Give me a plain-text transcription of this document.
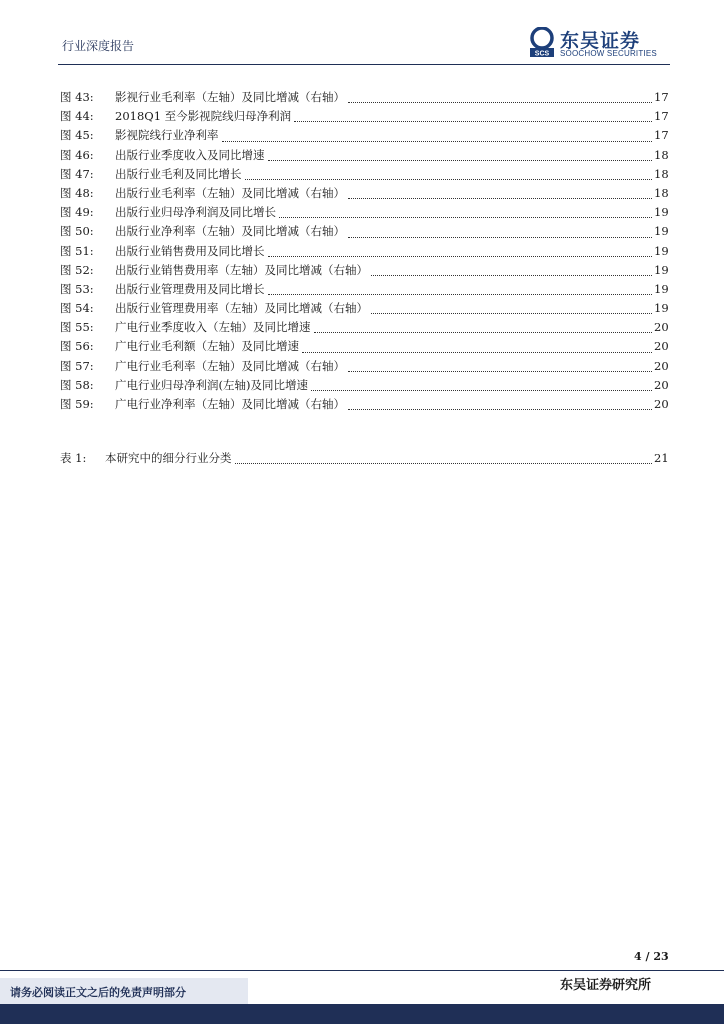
行业深度报告
SCS
东吴证券
SOOCHOW SECURITIES
图 43:	影视行业毛利率（左轴）及同比增减（右轴）	17
图 44:	2018Q1 至今影视院线归母净利润	17
图 45:	影视院线行业净利率	17
图 46:	出版行业季度收入及同比增速	18
图 47:	出版行业毛利及同比增长	18
图 48:	出版行业毛利率（左轴）及同比增减（右轴）	18
图 49:	出版行业归母净利润及同比增长	19
图 50:	出版行业净利率（左轴）及同比增减（右轴）	19
图 51:	出版行业销售费用及同比增长	19
图 52:	出版行业销售费用率（左轴）及同比增减（右轴）	19
图 53:	出版行业管理费用及同比增长	19
图 54:	出版行业管理费用率（左轴）及同比增减（右轴）	19
图 55:	广电行业季度收入（左轴）及同比增速	20
图 56:	广电行业毛利额（左轴）及同比增速	20
图 57:	广电行业毛利率（左轴）及同比增减（右轴）	20
图 58:	广电行业归母净利润(左轴)及同比增速	20
图 59:	广电行业净利率（左轴）及同比增减（右轴）	20
表 1:	本研究中的细分行业分类	21
4 / 23
东吴证券研究所
请务必阅读正文之后的免责声明部分
